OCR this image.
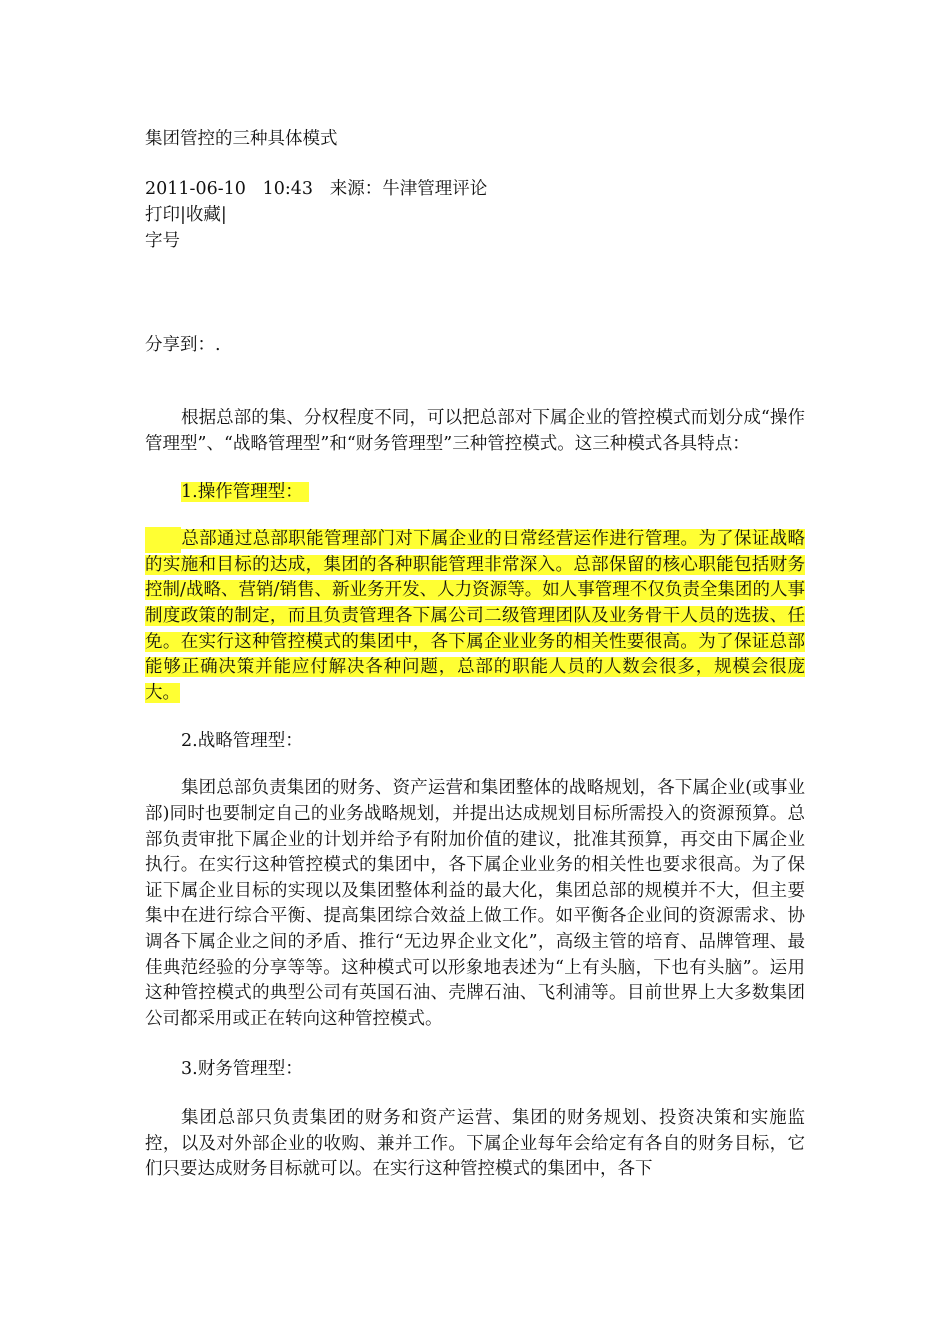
集团管控的三种具体模式
2011-06-10 10:43 来源：牛津管理评论
打印|收藏|
字号
分享到：.

根据总部的集、分权程度不同，可以把总部对下属企业的管控模式而划分成“操作管理型”、“战略管理型”和“财务管理型”三种管控模式。这三种模式各具特点：

1.操作管理型：

总部通过总部职能管理部门对下属企业的日常经营运作进行管理。为了保证战略的实施和目标的达成，集团的各种职能管理非常深入。总部保留的核心职能包括财务控制/战略、营销/销售、新业务开发、人力资源等。如人事管理不仅负责全集团的人事制度政策的制定，而且负责管理各下属公司二级管理团队及业务骨干人员的选拔、任免。在实行这种管控模式的集团中，各下属企业业务的相关性要很高。为了保证总部能够正确决策并能应付解决各种问题，总部的职能人员的人数会很多，规模会很庞大。

2.战略管理型：

集团总部负责集团的财务、资产运营和集团整体的战略规划，各下属企业(或事业部)同时也要制定自己的业务战略规划，并提出达成规划目标所需投入的资源预算。总部负责审批下属企业的计划并给予有附加价值的建议，批准其预算，再交由下属企业执行。在实行这种管控模式的集团中，各下属企业业务的相关性也要求很高。为了保证下属企业目标的实现以及集团整体利益的最大化，集团总部的规模并不大，但主要集中在进行综合平衡、提高集团综合效益上做工作。如平衡各企业间的资源需求、协调各下属企业之间的矛盾、推行“无边界企业文化”，高级主管的培育、品牌管理、最佳典范经验的分享等等。这种模式可以形象地表述为“上有头脑，下也有头脑”。运用这种管控模式的典型公司有英国石油、壳牌石油、飞利浦等。目前世界上大多数集团公司都采用或正在转向这种管控模式。

3.财务管理型：

集团总部只负责集团的财务和资产运营、集团的财务规划、投资决策和实施监控，以及对外部企业的收购、兼并工作。下属企业每年会给定有各自的财务目标，它们只要达成财务目标就可以。在实行这种管控模式的集团中，各下
